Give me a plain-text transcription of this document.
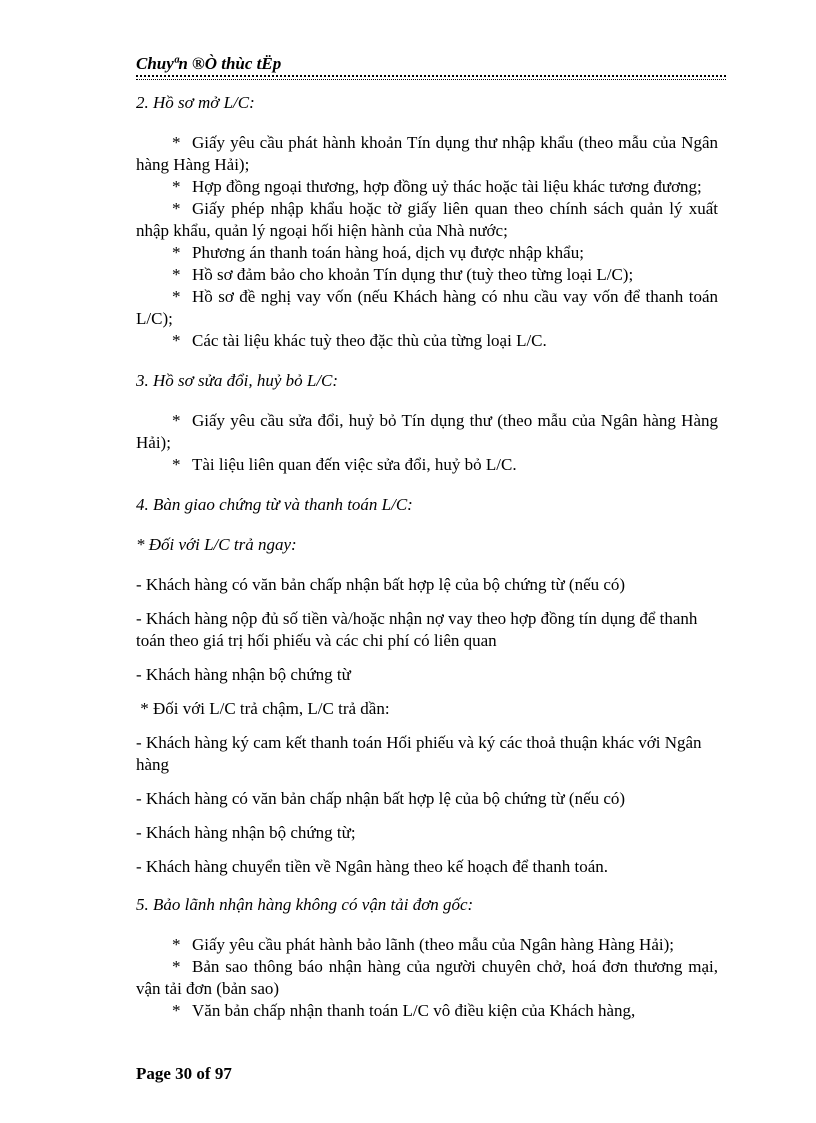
Chuyªn ®Ò thùc tËp
2. Hồ sơ mở L/C:
* Giấy yêu cầu phát hành khoản Tín dụng thư nhập khẩu (theo mẫu của Ngân hàng Hàng Hải);
* Hợp đồng ngoại thương, hợp đồng uỷ thác hoặc tài liệu khác tương đương;
* Giấy phép nhập khẩu hoặc tờ giấy liên quan theo chính sách quản lý xuất nhập khẩu, quản lý ngoại hối hiện hành của Nhà nước;
* Phương án thanh toán hàng hoá, dịch vụ được nhập khẩu;
* Hồ sơ đảm bảo cho khoản Tín dụng thư (tuỳ theo từng loại L/C);
* Hồ sơ đề nghị vay vốn (nếu Khách hàng có nhu cầu vay vốn để thanh toán L/C);
* Các tài liệu khác tuỳ theo đặc thù của từng loại L/C.
3. Hồ sơ sửa đổi, huỷ bỏ L/C:
* Giấy yêu cầu sửa đổi, huỷ bỏ Tín dụng thư (theo mẫu của Ngân hàng Hàng Hải);
* Tài liệu liên quan đến việc sửa đổi, huỷ bỏ L/C.
4. Bàn giao chứng từ và thanh toán L/C:
* Đối với L/C trả ngay:
- Khách hàng có văn bản chấp nhận bất hợp lệ của bộ chứng từ (nếu có)
- Khách hàng nộp đủ số tiền và/hoặc nhận nợ vay theo hợp đồng tín dụng để thanh toán theo giá trị hối phiếu và các chi phí có liên quan
- Khách hàng nhận bộ chứng từ
* Đối với L/C trả chậm, L/C trả dần:
- Khách hàng ký cam kết thanh toán Hối phiếu và ký các thoả thuận khác với Ngân hàng
- Khách hàng có văn bản chấp nhận bất hợp lệ của bộ chứng từ (nếu có)
- Khách hàng nhận bộ chứng từ;
- Khách hàng chuyển tiền về Ngân hàng theo kế hoạch để thanh toán.
5. Bảo lãnh nhận hàng không có vận tải đơn gốc:
* Giấy yêu cầu phát hành bảo lãnh (theo mẫu của Ngân hàng Hàng Hải);
* Bản sao thông báo nhận hàng của người chuyên chở, hoá đơn thương mại, vận tải đơn (bản sao)
* Văn bản chấp nhận thanh toán L/C vô điều kiện của Khách hàng,
Page 30 of 97
